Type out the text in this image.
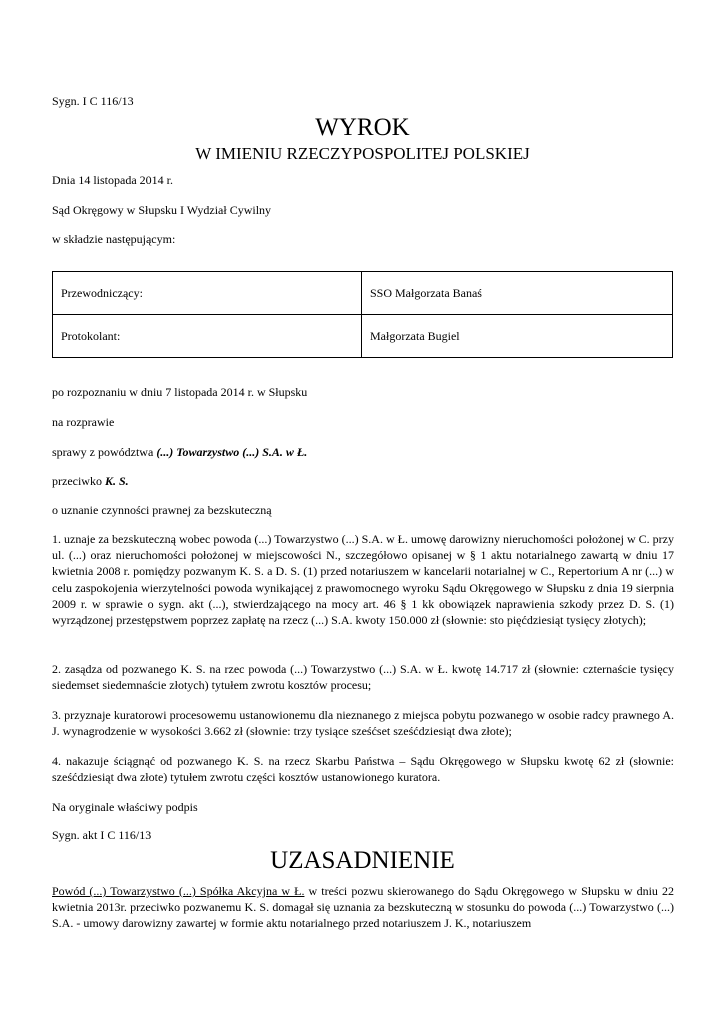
Sygn. I C 116/13
WYROK
W IMIENIU RZECZYPOSPOLITEJ POLSKIEJ
Dnia 14 listopada 2014 r.
Sąd Okręgowy w Słupsku I Wydział Cywilny
w składzie następującym:
Przewodniczący:	SSO Małgorzata Banaś
Protokolant:	Małgorzata Bugiel
po rozpoznaniu w dniu 7 listopada 2014 r. w Słupsku
na rozprawie
sprawy z powództwa (...) Towarzystwo (...) S.A. w Ł.
przeciwko K. S.
o uznanie czynności prawnej za bezskuteczną
1. uznaje za bezskuteczną wobec powoda (...) Towarzystwo (...) S.A. w Ł. umowę darowizny nieruchomości położonej w C. przy ul. (...) oraz nieruchomości położonej w miejscowości N., szczegółowo opisanej w § 1 aktu notarialnego zawartą w dniu 17 kwietnia 2008 r. pomiędzy pozwanym K. S. a D. S. (1) przed notariuszem w kancelarii notarialnej w C., Repertorium A nr (...) w celu zaspokojenia wierzytelności powoda wynikającej z prawomocnego wyroku Sądu Okręgowego w Słupsku z dnia 19 sierpnia 2009 r. w sprawie o sygn. akt (...), stwierdzającego na mocy art. 46 § 1 kk obowiązek naprawienia szkody przez D. S. (1) wyrządzonej przestępstwem poprzez zapłatę na rzecz (...) S.A. kwoty 150.000 zł (słownie: sto pięćdziesiąt tysięcy złotych);
2. zasądza od pozwanego K. S. na rzec powoda (...) Towarzystwo (...) S.A. w Ł. kwotę 14.717 zł (słownie: czternaście tysięcy siedemset siedemnaście złotych) tytułem zwrotu kosztów procesu;
3. przyznaje kuratorowi procesowemu ustanowionemu dla nieznanego z miejsca pobytu pozwanego w osobie radcy prawnego A. J. wynagrodzenie w wysokości 3.662 zł (słownie: trzy tysiące sześćset sześćdziesiąt dwa złote);
4. nakazuje ściągnąć od pozwanego K. S. na rzecz Skarbu Państwa – Sądu Okręgowego w Słupsku kwotę 62 zł (słownie: sześćdziesiąt dwa złote) tytułem zwrotu części kosztów ustanowionego kuratora.
Na oryginale właściwy podpis
Sygn. akt I C 116/13
UZASADNIENIE
Powód (...) Towarzystwo (...) Spółka Akcyjna w Ł. w treści pozwu skierowanego do Sądu Okręgowego w Słupsku w dniu 22 kwietnia 2013r. przeciwko pozwanemu K. S. domagał się uznania za bezskuteczną w stosunku do powoda (...) Towarzystwo (...) S.A. - umowy darowizny zawartej w formie aktu notarialnego przed notariuszem J. K., notariuszem
